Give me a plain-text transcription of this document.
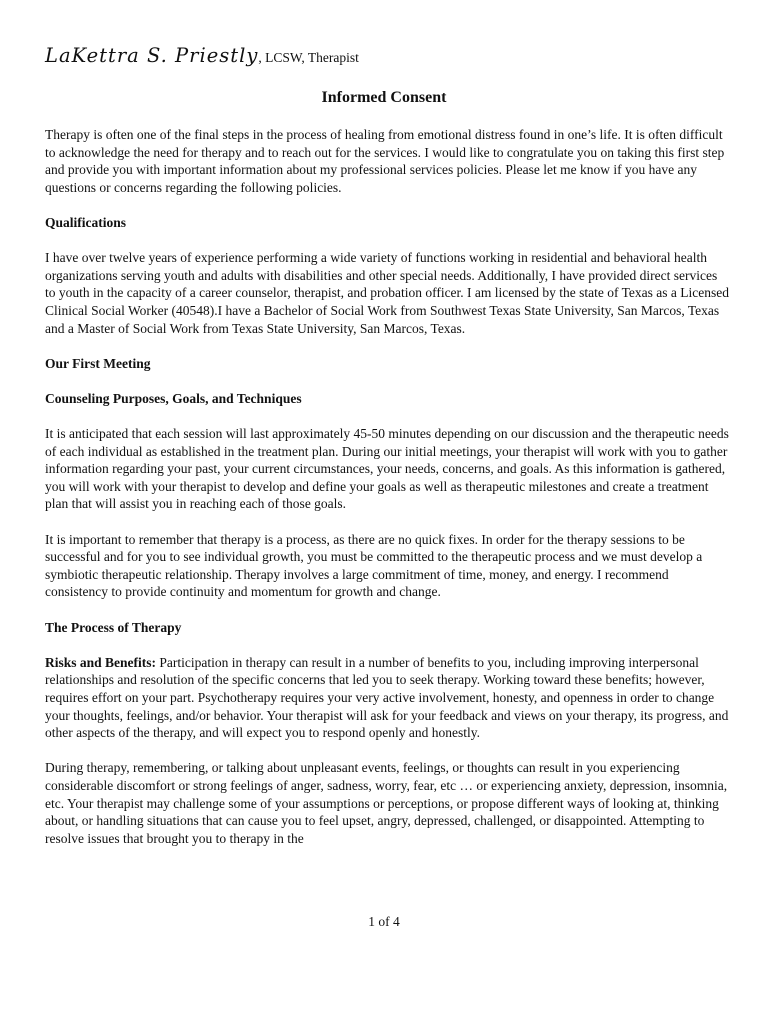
LaKettra S. Priestly, LCSW, Therapist
Informed Consent

Therapy is often one of the final steps in the process of healing from emotional distress found in one’s life. It is often difficult to acknowledge the need for therapy and to reach out for the services. I would like to congratulate you on taking this first step and provide you with important information about my professional services policies. Please let me know if you have any questions or concerns regarding the following policies.

Qualifications

I have over twelve years of experience performing a wide variety of functions working in residential and behavioral health organizations serving youth and adults with disabilities and other special needs. Additionally, I have provided direct services to youth in the capacity of a career counselor, therapist, and probation officer. I am licensed by the state of Texas as a Licensed Clinical Social Worker (40548).I have a Bachelor of Social Work from Southwest Texas State University, San Marcos, Texas and a Master of Social Work from Texas State University, San Marcos, Texas.

Our First Meeting
Counseling Purposes, Goals, and Techniques

It is anticipated that each session will last approximately 45-50 minutes depending on our discussion and the therapeutic needs of each individual as established in the treatment plan. During our initial meetings, your therapist will work with you to gather information regarding your past, your current circumstances, your needs, concerns, and goals. As this information is gathered, you will work with your therapist to develop and define your goals as well as therapeutic milestones and create a treatment plan that will assist you in reaching each of those goals.

It is important to remember that therapy is a process, as there are no quick fixes. In order for the therapy sessions to be successful and for you to see individual growth, you must be committed to the therapeutic process and we must develop a symbiotic therapeutic relationship. Therapy involves a large commitment of time, money, and energy. I recommend consistency to provide continuity and momentum for growth and change.

The Process of Therapy

Risks and Benefits: Participation in therapy can result in a number of benefits to you, including improving interpersonal relationships and resolution of the specific concerns that led you to seek therapy. Working toward these benefits; however, requires effort on your part. Psychotherapy requires your very active involvement, honesty, and openness in order to change your thoughts, feelings, and/or behavior. Your therapist will ask for your feedback and views on your therapy, its progress, and other aspects of the therapy, and will expect you to respond openly and honestly.

During therapy, remembering, or talking about unpleasant events, feelings, or thoughts can result in you experiencing considerable discomfort or strong feelings of anger, sadness, worry, fear, etc … or experiencing anxiety, depression, insomnia, etc. Your therapist may challenge some of your assumptions or perceptions, or propose different ways of looking at, thinking about, or handling situations that can cause you to feel upset, angry, depressed, challenged, or disappointed. Attempting to resolve issues that brought you to therapy in the

1 of 4
